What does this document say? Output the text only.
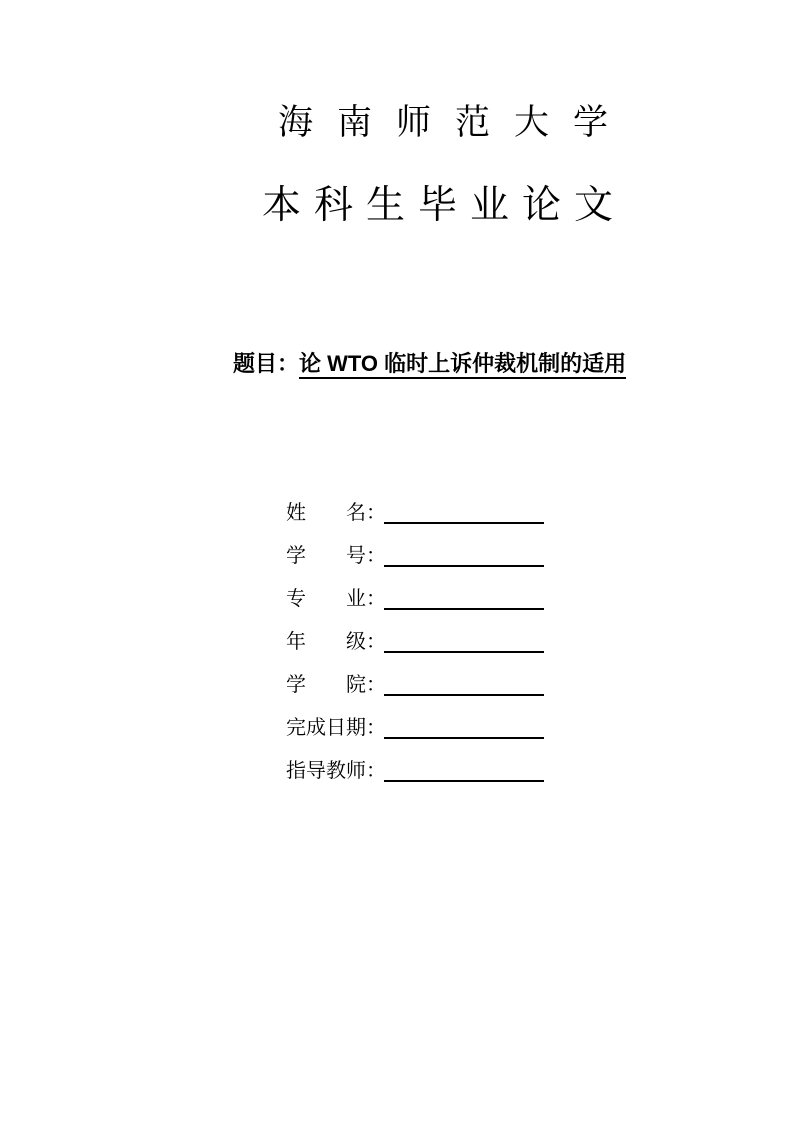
海南师范大学
本科生毕业论文
题目：论 WTO 临时上诉仲裁机制的适用
姓名：
学号：
专业：
年级：
学院：
完成日期：
指导教师：
